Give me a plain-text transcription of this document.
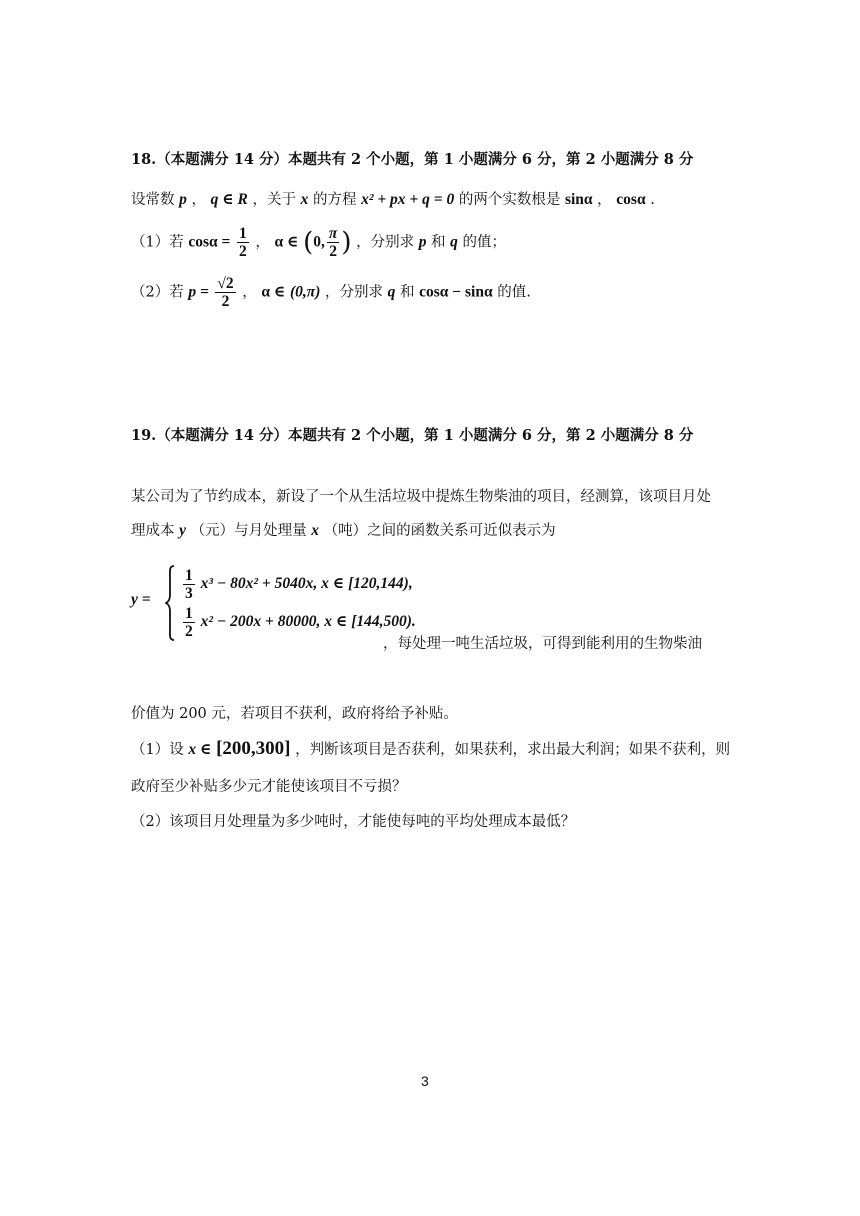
18.（本题满分 14 分）本题共有 2 个小题，第 1 小题满分 6 分，第 2 小题满分 8 分
设常数 p ， q ∈ R ，关于 x 的方程 x² + px + q = 0 的两个实数根是 sinα ， cosα .
（1）若 $\cos\alpha = \frac{1}{2}$ ， α ∈ (0, $\frac{\pi}{2}$ ) ，分别求 p 和 q 的值；
（2）若 $p = \frac{√2}{2}$ ， α ∈ (0,π) ，分别求 q 和 cosα − sinα 的值.
19.（本题满分 14 分）本题共有 2 个小题，第 1 小题满分 6 分，第 2 小题满分 8 分
某公司为了节约成本，新设了一个从生活垃圾中提炼生物柴油的项目，经测算，该项目月处
理成本 y （元）与月处理量 x （吨）之间的函数关系可近似表示为
$y = \frac{1}{3} x^3 - 80x^2 + 5040x$, x ∈ [120,144),
$\frac{1}{2} x^2 - 200x + 80000$, x ∈ [144,500).
，每处理一吨生活垃圾，可得到能利用的生物柴油
价值为 200 元，若项目不获利，政府将给予补贴。
（1）设 x ∈ [200,300] ，判断该项目是否获利，如果获利，求出最大利润；如果不获利，则
政府至少补贴多少元才能使该项目不亏损？
（2）该项目月处理量为多少吨时，才能使每吨的平均处理成本最低？
3
